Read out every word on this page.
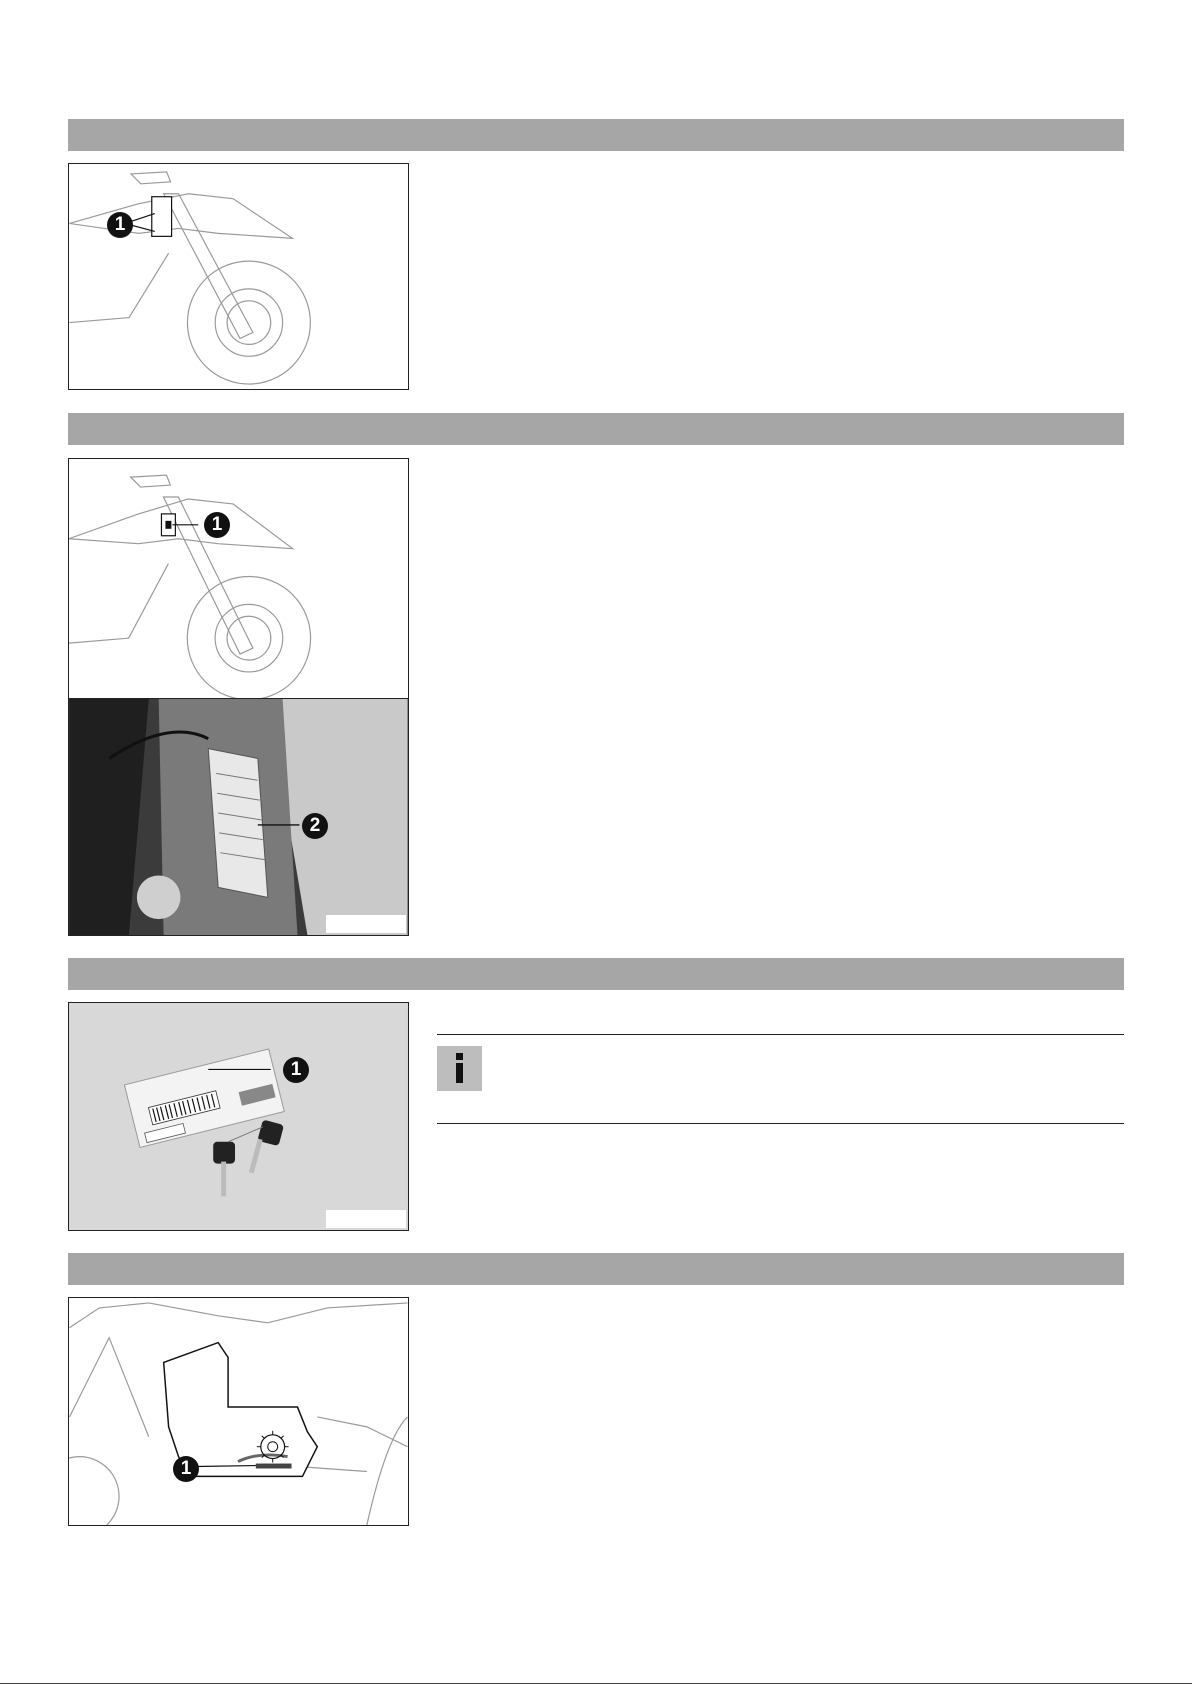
1
1
2
1
1
